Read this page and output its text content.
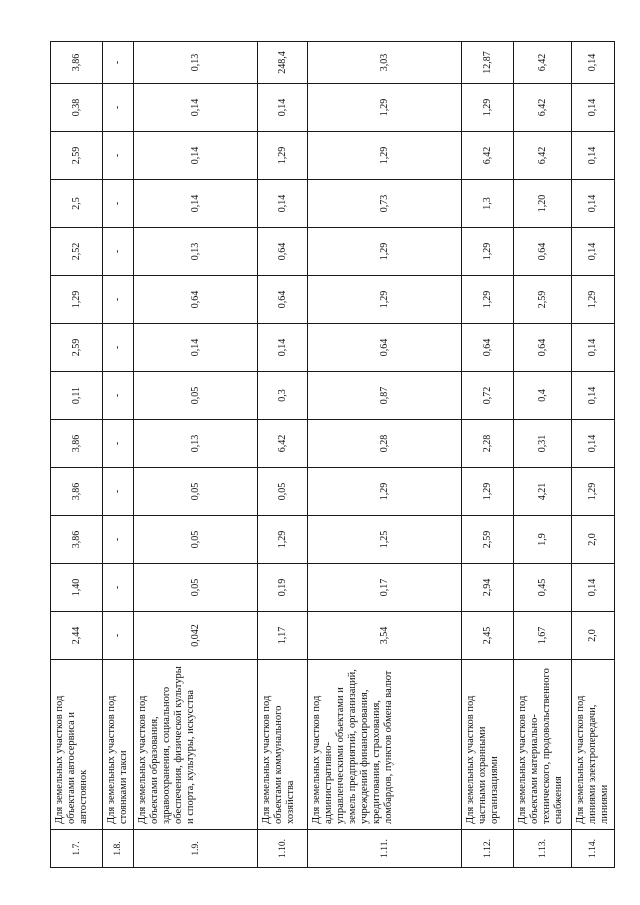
1.7.	Для земельных участков под объектами автосервиса и автостоянок	2,44	1,40	3,86	3,86	3,86	0,11	2,59	1,29	2,52	2,5	2,59	0,38	3,86
1.8.	Для земельных участков под стоянками такси	-	-	-	-	-	-	-	-	-	-	-	-	-
1.9.	Для земельных участков под объектами образования, здравоохранения, социального обеспечения, физической культуры и спорта, культуры, искусства	0,042	0,05	0,05	0,05	0,13	0,05	0,14	0,64	0,13	0,14	0,14	0,14	0,13
1.10.	Для земельных участков под объектами коммунального хозяйства	1,17	0,19	1,29	0,05	6,42	0,3	0,14	0,64	0,64	0,14	1,29	0,14	248,4
1.11.	Для земельных участков под административно-управленческими объектами и земель предприятий, организаций, учреждений финансирования, кредитования, страхования, ломбардов, пунктов обмена валют	3,54	0,17	1,25	1,29	0,28	0,87	0,64	1,29	1,29	0,73	1,29	1,29	3,03
1.12.	Для земельных участков под частными охранными организациями	2,45	2,94	2,59	1,29	2,28	0,72	0,64	1,29	1,29	1,3	6,42	1,29	12,87
1.13.	Для земельных участков под объектами материально-технического, продовольственного снабжения	1,67	0,45	1,9	4,21	0,31	0,4	0,64	2,59	0,64	1,20	6,42	6,42	6,42
1.14.	Для земельных участков под линиями электропередачи, линиями	2,0	0,14	2,0	1,29	0,14	0,14	0,14	1,29	0,14	0,14	0,14	0,14	0,14
